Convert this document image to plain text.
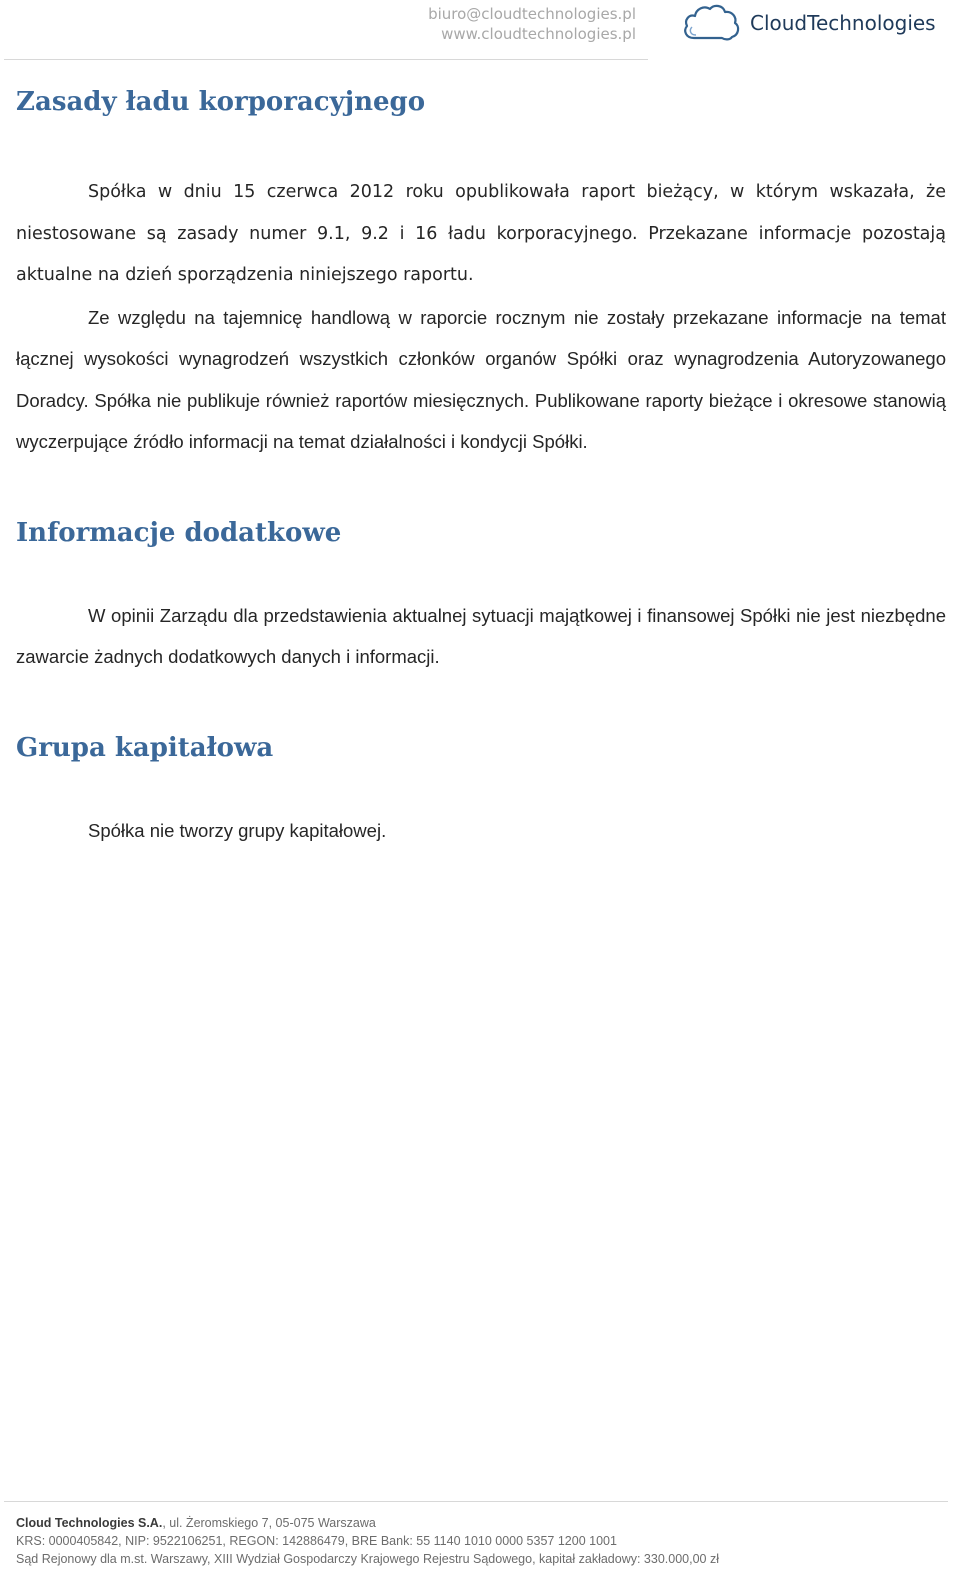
biuro@cloudtechnologies.pl
www.cloudtechnologies.pl	CloudTechnologies
Zasady ładu korporacyjnego

Spółka w dniu 15 czerwca 2012 roku opublikowała raport bieżący, w którym wskazała, że niestosowane są zasady numer 9.1, 9.2 i 16 ładu korporacyjnego. Przekazane informacje pozostają aktualne na dzień sporządzenia niniejszego raportu.

Ze względu na tajemnicę handlową w raporcie rocznym nie zostały przekazane informacje na temat łącznej wysokości wynagrodzeń wszystkich członków organów Spółki oraz wynagrodzenia Autoryzowanego Doradcy. Spółka nie publikuje również raportów miesięcznych. Publikowane raporty bieżące i okresowe stanowią wyczerpujące źródło informacji na temat działalności i kondycji Spółki.

Informacje dodatkowe

W opinii Zarządu dla przedstawienia aktualnej sytuacji majątkowej i finansowej Spółki nie jest niezbędne zawarcie żadnych dodatkowych danych i informacji.

Grupa kapitałowa

Spółka nie tworzy grupy kapitałowej.

Cloud Technologies S.A., ul. Żeromskiego 7, 05-075 Warszawa
KRS: 0000405842, NIP: 9522106251, REGON: 142886479, BRE Bank: 55 1140 1010 0000 5357 1200 1001
Sąd Rejonowy dla m.st. Warszawy, XIII Wydział Gospodarczy Krajowego Rejestru Sądowego, kapitał zakładowy: 330.000,00 zł
